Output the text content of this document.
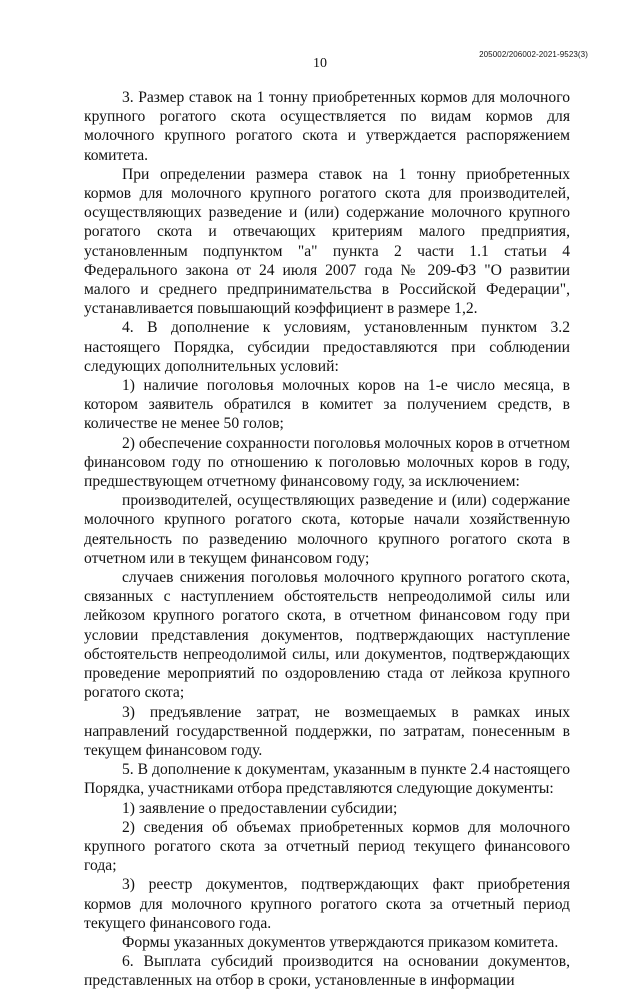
10
205002/206002-2021-9523(3)

3. Размер ставок на 1 тонну приобретенных кормов для молочного крупного рогатого скота осуществляется по видам кормов для молочного крупного рогатого скота и утверждается распоряжением комитета.

При определении размера ставок на 1 тонну приобретенных кормов для молочного крупного рогатого скота для производителей, осуществляющих разведение и (или) содержание молочного крупного рогатого скота и отвечающих критериям малого предприятия, установленным подпунктом "а" пункта 2 части 1.1 статьи 4 Федерального закона от 24 июля 2007 года № 209-ФЗ "О развитии малого и среднего предпринимательства в Российской Федерации", устанавливается повышающий коэффициент в размере 1,2.

4. В дополнение к условиям, установленным пунктом 3.2 настоящего Порядка, субсидии предоставляются при соблюдении следующих дополнительных условий:

1) наличие поголовья молочных коров на 1-е число месяца, в котором заявитель обратился в комитет за получением средств, в количестве не менее 50 голов;

2) обеспечение сохранности поголовья молочных коров в отчетном финансовом году по отношению к поголовью молочных коров в году, предшествующем отчетному финансовому году, за исключением:

производителей, осуществляющих разведение и (или) содержание молочного крупного рогатого скота, которые начали хозяйственную деятельность по разведению молочного крупного рогатого скота в отчетном или в текущем финансовом году;

случаев снижения поголовья молочного крупного рогатого скота, связанных с наступлением обстоятельств непреодолимой силы или лейкозом крупного рогатого скота, в отчетном финансовом году при условии представления документов, подтверждающих наступление обстоятельств непреодолимой силы, или документов, подтверждающих проведение мероприятий по оздоровлению стада от лейкоза крупного рогатого скота;

3) предъявление затрат, не возмещаемых в рамках иных направлений государственной поддержки, по затратам, понесенным в текущем финансовом году.

5. В дополнение к документам, указанным в пункте 2.4 настоящего Порядка, участниками отбора представляются следующие документы:

1) заявление о предоставлении субсидии;

2) сведения об объемах приобретенных кормов для молочного крупного рогатого скота за отчетный период текущего финансового года;

3) реестр документов, подтверждающих факт приобретения кормов для молочного крупного рогатого скота за отчетный период текущего финансового года.

Формы указанных документов утверждаются приказом комитета.

6. Выплата субсидий производится на основании документов, представленных на отбор в сроки, установленные в информации
